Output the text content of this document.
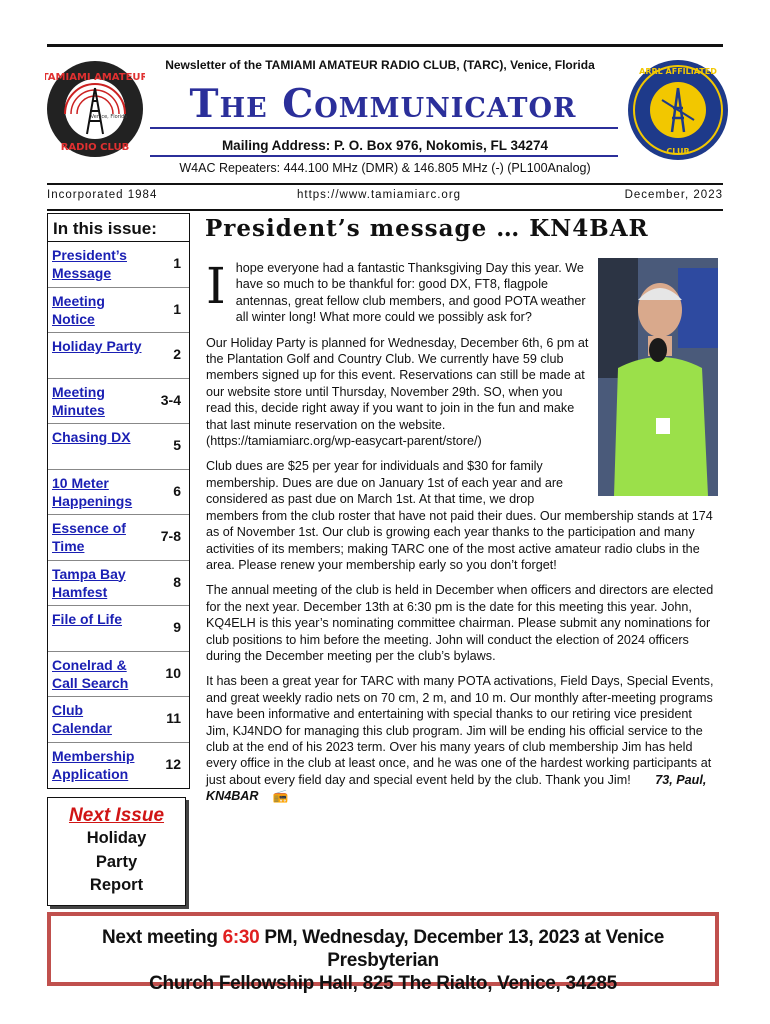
TAMIAMI AMATEUR
RADIO CLUB
Venice, Florida
ARRL AFFILIATED
CLUB
Newsletter of the TAMIAMI AMATEUR RADIO CLUB, (TARC), Venice, Florida
The Communicator
Mailing Address: P. O. Box 976, Nokomis, FL 34274
W4AC Repeaters: 444.100 MHz (DMR) & 146.805 MHz (-) (PL100Analog)
Incorporated 1984	https://www.tamiamiarc.org	December, 2023
In this issue:
President’s Message
1
Meeting Notice
1
Holiday Party 2
Meeting Minutes
3-4
Chasing DX	5
10 Meter Happenings
6
Essence of Time
7-8
Tampa Bay Hamfest
8
File of Life	9
Conelrad & Call Search
10
Club Calendar
11
Membership Application
12
Next Issue
Holiday
Party
Report
President’s message … KN4BAR

Ihope everyone had a fantastic Thanksgiving Day this year. We have so much to be thankful for: good DX, FT8, flagpole antennas, great fellow club members, and good POTA weather all winter long! What more could we possibly ask for?

Our Holiday Party is planned for Wednesday, December 6th, 6 pm at the Plantation Golf and Country Club. We currently have 59 club members signed up for this event. Reservations can still be made at our website store until Thursday, November 29th. SO, when you read this, decide right away if you want to join in the fun and make that last minute reservation on the website. (https://tamiamiarc.org/wp-easycart-parent/store/)

Club dues are $25 per year for individuals and $30 for family membership. Dues are due on January 1st of each year and are considered as past due on March 1st. At that time, we drop members from the club roster that have not paid their dues. Our membership stands at 174 as of November 1st. Our club is growing each year thanks to the participation and many activities of its members; making TARC one of the most active amateur radio clubs in the area. Please renew your membership early so you don’t forget!

The annual meeting of the club is held in December when officers and directors are elected for the next year. December 13th at 6:30 pm is the date for this meeting this year. John, KQ4ELH is this year’s nominating committee chairman. Please submit any nominations for club positions to him before the meeting. John will conduct the election of 2024 officers during the December meeting per the club’s bylaws.

It has been a great year for TARC with many POTA activations, Field Days, Special Events, and great weekly radio nets on 70 cm, 2 m, and 10 m. Our monthly after-meeting programs have been informative and entertaining with special thanks to our retiring vice president Jim, KJ4NDO for managing this club program. Jim will be ending his official service to the club at the end of his 2023 term. Over his many years of club membership Jim has held every office in the club at least once, and he was one of the hardest working participants at just about every field day and special event held by the club. Thank you Jim! 73, Paul, KN4BAR 📻

Next meeting 6:30 PM, Wednesday, December 13, 2023 at Venice Presbyterian
Church Fellowship Hall, 825 The Rialto, Venice, 34285
